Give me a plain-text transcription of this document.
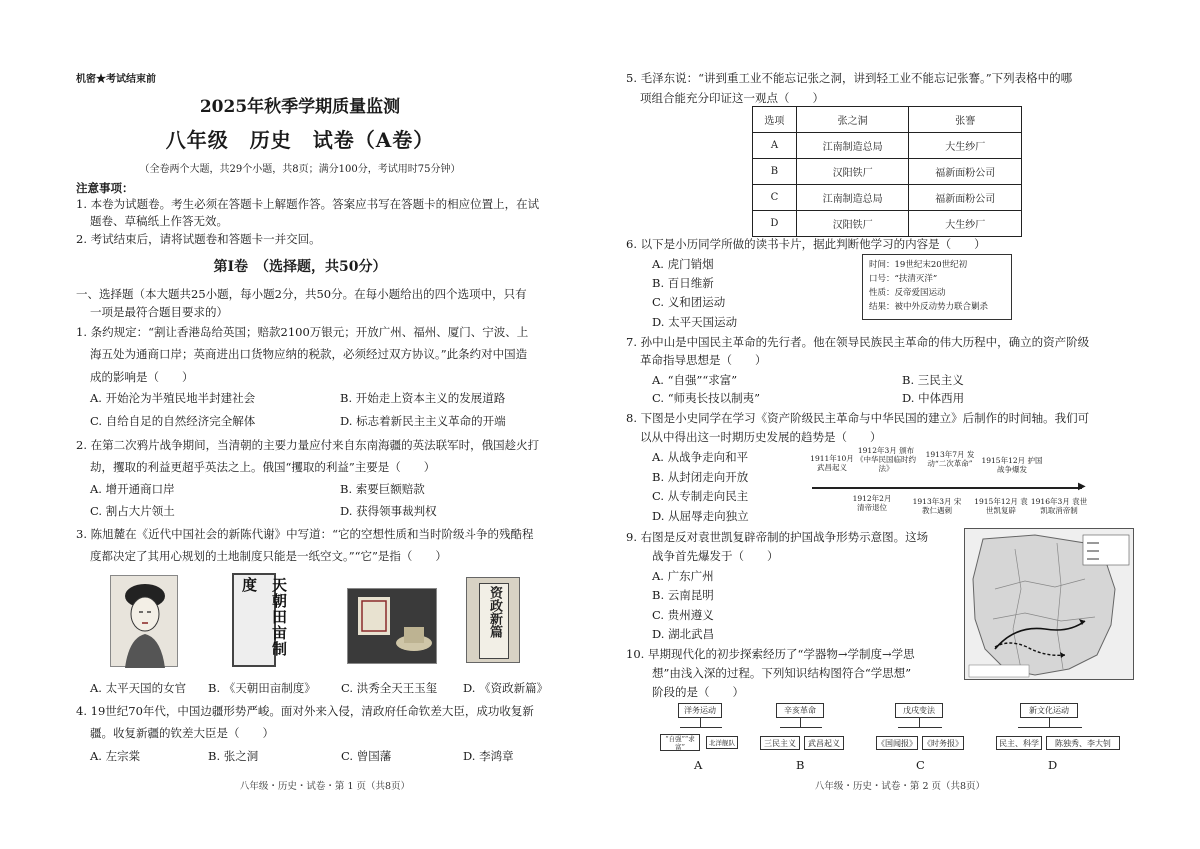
机密★考试结束前
2025年秋季学期质量监测
八年级　历史　试卷（A卷）
（全卷两个大题，共29个小题，共8页；满分100分，考试用时75分钟）
注意事项：
1. 本卷为试题卷。考生必须在答题卡上解题作答。答案应书写在答题卡的相应位置上，在试
题卷、草稿纸上作答无效。
2. 考试结束后，请将试题卷和答题卡一并交回。
第Ⅰ卷　（选择题，共50分）
一、选择题（本大题共25小题，每小题2分，共50分。在每小题给出的四个选项中，只有
一项是最符合题目要求的）
1. 条约规定：“割让香港岛给英国；赔款2100万银元；开放广州、福州、厦门、宁波、上
海五处为通商口岸；英商进出口货物应纳的税款，必须经过双方协议。”此条约对中国造
成的影响是（　　）
A. 开始沦为半殖民地半封建社会	B. 开始走上资本主义的发展道路
C. 自给自足的自然经济完全解体	D. 标志着新民主主义革命的开端
2. 在第二次鸦片战争期间，当清朝的主要力量应付来自东南海疆的英法联军时，俄国趁火打
劫，攫取的利益更超乎英法之上。俄国“攫取的利益”主要是（　　）
A. 增开通商口岸	B. 索要巨额赔款
C. 割占大片领土	D. 获得领事裁判权
3. 陈旭麓在《近代中国社会的新陈代谢》中写道：“它的空想性质和当时阶级斗争的残酷程
度都决定了其用心规划的土地制度只能是一纸空文。”“它”是指（　　）
天朝田亩制度
资政新篇
A. 太平天国的女官 B. 《天朝田亩制度》 C. 洪秀全天王玉玺 D. 《资政新篇》
4. 19世纪70年代，中国边疆形势严峻。面对外来入侵，清政府任命钦差大臣，成功收复新
疆。收复新疆的钦差大臣是（　　）
A. 左宗棠	B. 张之洞	C. 曾国藩	D. 李鸿章
八年级・历史・试卷・第 1 页（共8页）
5. 毛泽东说：“讲到重工业不能忘记张之洞，讲到轻工业不能忘记张謇。”下列表格中的哪
项组合能充分印证这一观点（　　）
选项	张之洞	张謇
A	江南制造总局	大生纱厂
B	汉阳铁厂	福新面粉公司
C	江南制造总局	福新面粉公司
D	汉阳铁厂	大生纱厂
6. 以下是小历同学所做的读书卡片，据此判断他学习的内容是（　　）
A. 虎门销烟
B. 百日维新
C. 义和团运动
D. 太平天国运动
时间：19世纪末20世纪初
口号：“扶清灭洋”
性质：反帝爱国运动
结果：被中外反动势力联合剿杀
7. 孙中山是中国民主革命的先行者。他在领导民族民主革命的伟大历程中，确立的资产阶级
革命指导思想是（　　）
A. “自强”“求富”	B. 三民主义
C. “师夷长技以制夷”	D. 中体西用
8. 下图是小史同学在学习《资产阶级民主革命与中华民国的建立》后制作的时间轴。我们可
以从中得出这一时期历史发展的趋势是（　　）
A. 从战争走向和平
B. 从封闭走向开放
C. 从专制走向民主
D. 从屈辱走向独立
▶
1911年10月 武昌起义
1912年3月 颁布《中华民国临时约法》
1913年7月 发动“二次革命”	1915年12月 护国战争爆发
1912年2月 清帝退位
1913年3月 宋教仁遇刺
1915年12月 袁世凯复辟
1916年3月 袁世凯取消帝制
9. 右图是反对袁世凯复辟帝制的护国战争形势示意图。这场
战争首先爆发于（　　）
A. 广东广州
B. 云南昆明
C. 贵州遵义
D. 湖北武昌
10. 早期现代化的初步探索经历了“学器物→学制度→学思
想”由浅入深的过程。下列知识结构图符合“学思想”
阶段的是（　　）
洋务运动
“自强”“求富”	北洋舰队
A
辛亥革命
三民主义	武昌起义
B
戊戌变法
《国闻报》 《时务报》
C
新文化运动
民主、科学	陈独秀、李大钊
D
八年级・历史・试卷・第 2 页（共8页）
